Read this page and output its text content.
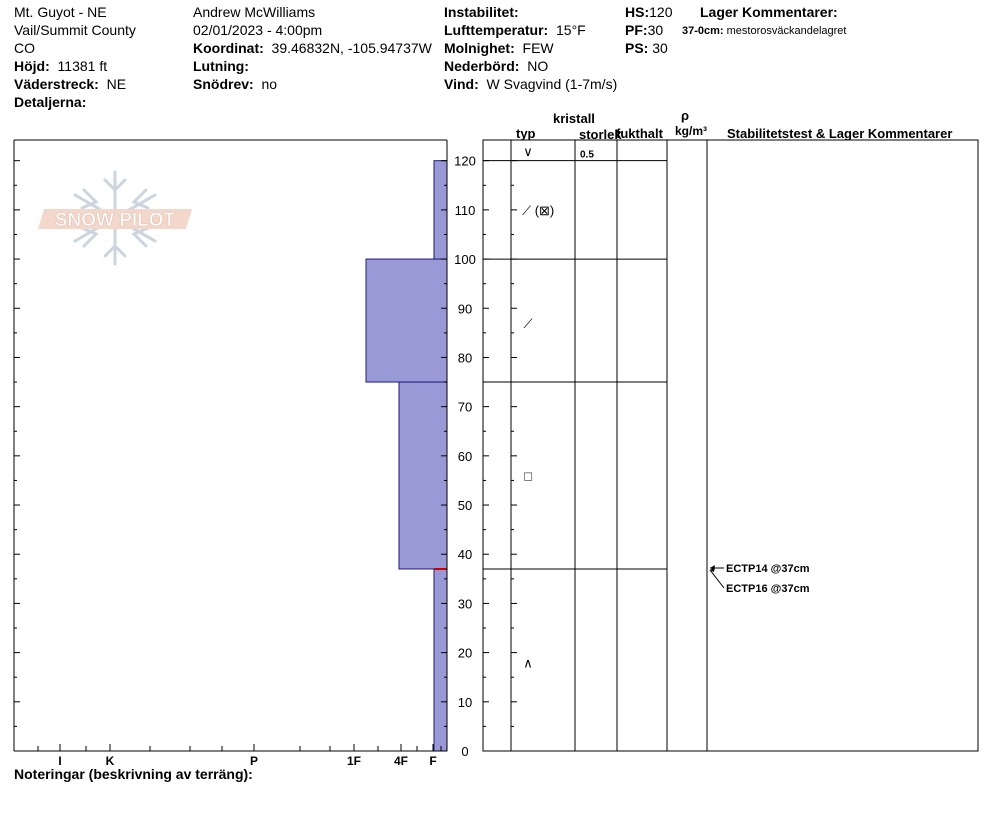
Mt. Guyot - NE
Vail/Summit County
CO
Höjd: 11381 ft
Väderstreck: NE
Detaljerna:
Andrew McWilliams
02/01/2023 - 4:00pm
Koordinat: 39.46832N, -105.94737W
Lutning:
Snödrev: no
Instabilitet:
Lufttemperatur: 15°F
Molnighet: FEW
Nederbörd: NO
Vind: W Svagvind (1-7m/s)
HS:120
PF:30
PS: 30
Lager Kommentarer:
37-0cm: mestorosväckandelagret
kristall
typ	storlek
fukthalt
ρ
kg/m³ Stabilitetstest & Lager Kommentarer
Noteringar (beskrivning av terräng):
SNOW PILOT
I	K	P	1F	4F F
0
10
20
30
40
50
60
70
80
90
100
110
120
∨
⟋ (⊠)
⟋
□
∧
0.5
ECTP14 @37cm
ECTP16 @37cm
